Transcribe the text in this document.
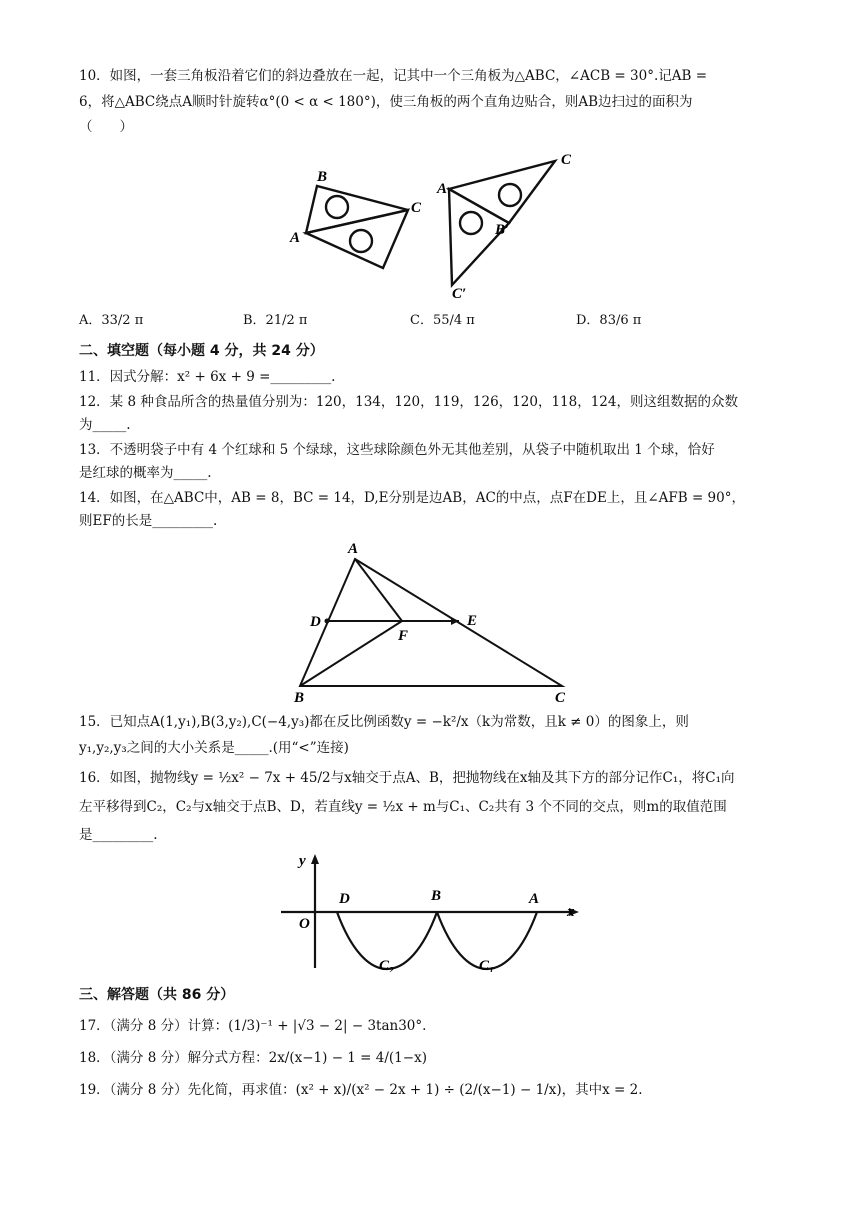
10．如图，一套三角板沿着它们的斜边叠放在一起，记其中一个三角板为△ABC，∠ACB = 30°.记AB =
6，将△ABC绕点A顺时针旋转α°(0 < α < 180°)，使三角板的两个直角边贴合，则AB边扫过的面积为
（　　）
B
C
A
A
C
B′
C′
A．33/2 π	B．21/2 π	C．55/4 π	D．83/6 π
二、填空题（每小题 4 分，共 24 分）
11．因式分解：x² + 6x + 9 =_________.
12．某 8 种食品所含的热量值分别为：120，134，120，119，126，120，118，124，则这组数据的众数
为_____.
13．不透明袋子中有 4 个红球和 5 个绿球，这些球除颜色外无其他差别，从袋子中随机取出 1 个球，恰好
是红球的概率为_____.
14．如图，在△ABC中，AB = 8，BC = 14，D,E分别是边AB，AC的中点，点F在DE上，且∠AFB = 90°，
则EF的长是_________.
A
D
F
E
B	C
15．已知点A(1,y₁),B(3,y₂),C(−4,y₃)都在反比例函数y = −k²/x（k为常数，且k ≠ 0）的图象上，则
y₁,y₂,y₃之间的大小关系是_____.(用“<”连接)
16．如图，抛物线y = ½x² − 7x + 45/2与x轴交于点A、B，把抛物线在x轴及其下方的部分记作C₁，将C₁向
左平移得到C₂，C₂与x轴交于点B、D，若直线y = ½x + m与C₁、C₂共有 3 个不同的交点，则m的取值范围
是_________.
y
O
D	B	A
x
C₂	C₁
三、解答题（共 86 分）
17．（满分 8 分）计算：(1/3)⁻¹ + |√3 − 2| − 3tan30°.
18．（满分 8 分）解分式方程：2x/(x−1) − 1 = 4/(1−x)
19．（满分 8 分）先化简，再求值：(x² + x)/(x² − 2x + 1) ÷ (2/(x−1) − 1/x)，其中x = 2.
